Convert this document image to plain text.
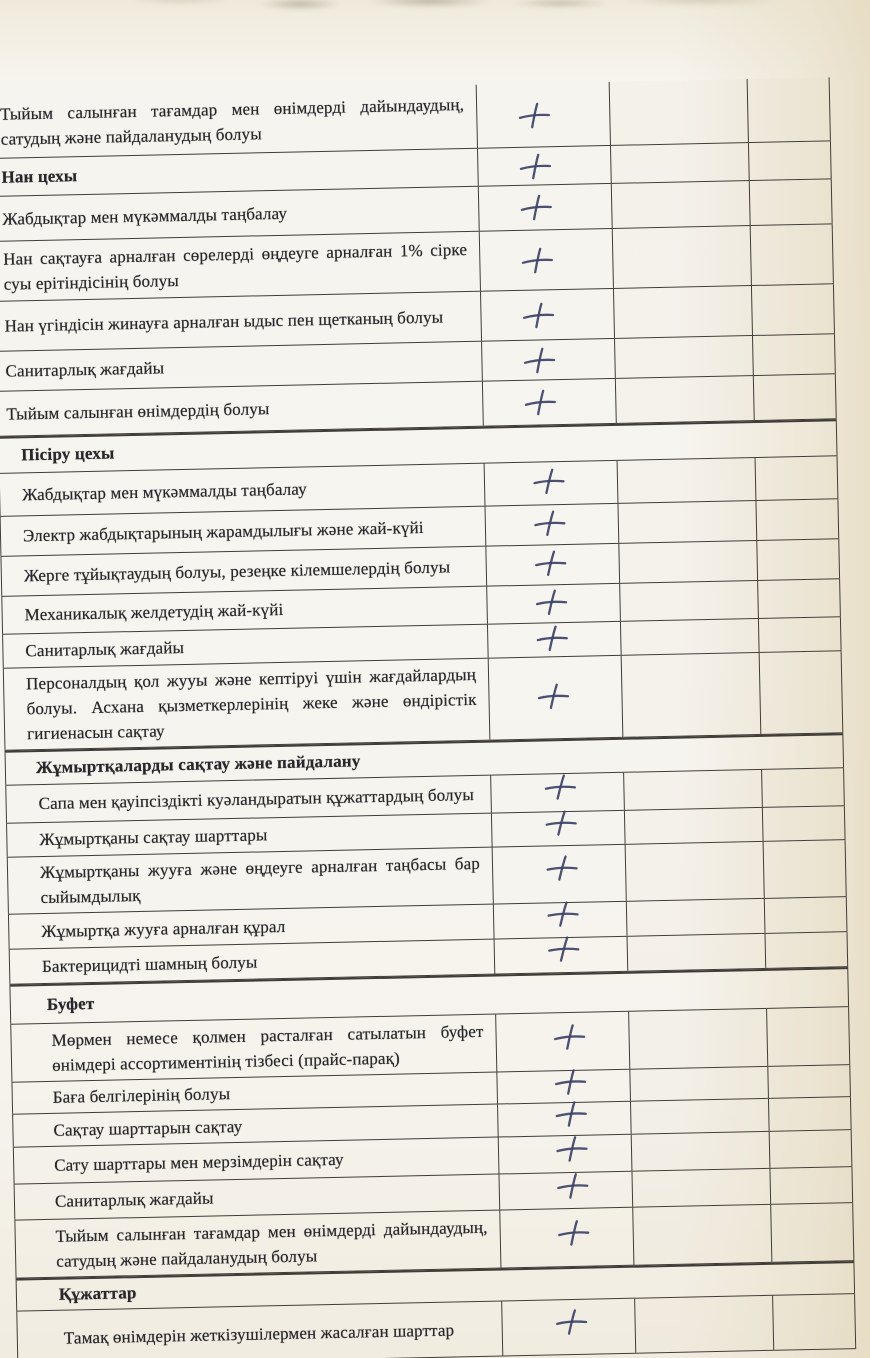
Тыйым салынған тағамдар мен өнімдерді дайындаудың, сатудың және пайдаланудың болуы
Нан цехы
Жабдықтар мен мүкәммалды таңбалау
Нан сақтауға арналған сөрелерді өңдеуге арналған 1% сірке суы ерітіндісінің болуы
Нан үгіндісін жинауға арналған ыдыс пен щетканың болуы
Санитарлық жағдайы
Тыйым салынған өнімдердің болуы
Пісіру цехы
Жабдықтар мен мүкәммалды таңбалау
Электр жабдықтарының жарамдылығы және жай-күйі
Жерге тұйықтаудың болуы, резеңке кілемшелердің болуы
Механикалық желдетудің жай-күйі
Санитарлық жағдайы
Персоналдың қол жууы және кептіруі үшін жағдайлардың болуы. Асхана қызметкерлерінің жеке және өндірістік гигиенасын сақтау
Жұмыртқаларды сақтау және пайдалану
Сапа мен қауіпсіздікті куәландыратын құжаттардың болуы
Жұмыртқаны сақтау шарттары
Жұмыртқаны жууға және өңдеуге арналған таңбасы бар сыйымдылық
Жұмыртқа жууға арналған құрал
Бактерицидті шамның болуы
Буфет
Мөрмен немесе қолмен расталған сатылатын буфет өнімдері ассортиментінің тізбесі (прайс-парақ)
Баға белгілерінің болуы
Сақтау шарттарын сақтау
Сату шарттары мен мерзімдерін сақтау
Санитарлық жағдайы
Тыйым салынған тағамдар мен өнімдерді дайындаудың, сатудың және пайдаланудың болуы
Құжаттар
Тамақ өнімдерін жеткізушілермен жасалған шарттар
